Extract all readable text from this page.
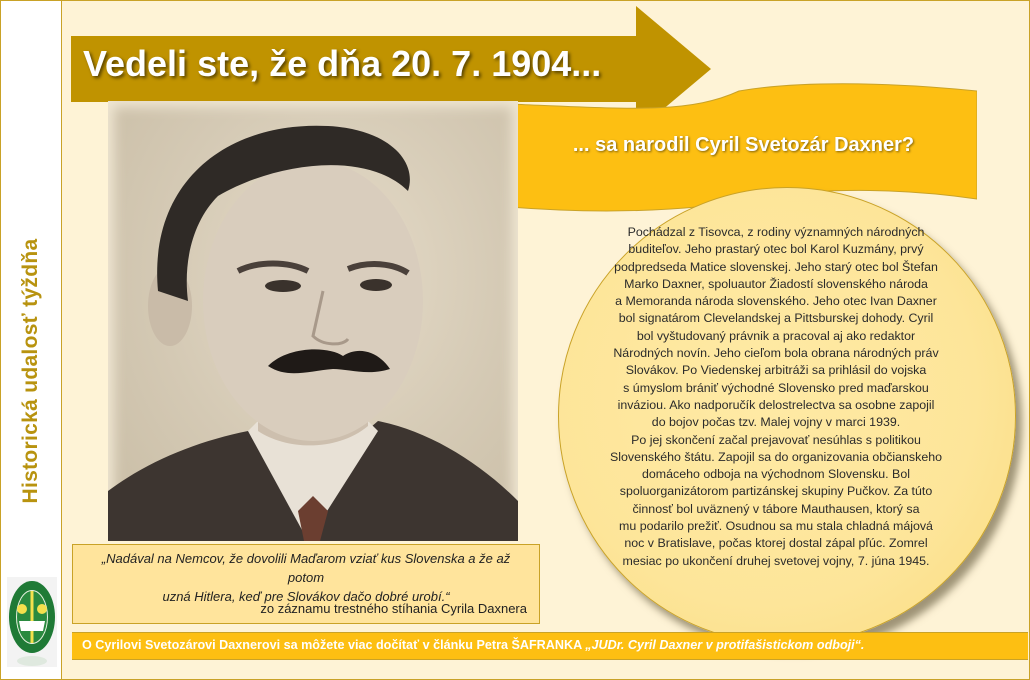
Historická udalosť týždňa
Vedeli ste, že dňa 20. 7. 1904...
... sa narodil Cyril Svetozár Daxner?
Pochádzal z Tisovca, z rodiny významných národných
buditeľov. Jeho prastarý otec bol Karol Kuzmány, prvý
podpredseda Matice slovenskej. Jeho starý otec bol Štefan
Marko Daxner, spoluautor Žiadostí slovenského národa
a Memoranda národa slovenského. Jeho otec Ivan Daxner
bol signatárom Clevelandskej a Pittsburskej dohody. Cyril
bol vyštudovaný právnik a pracoval aj ako redaktor
Národných novín. Jeho cieľom bola obrana národných práv
Slovákov. Po Viedenskej arbitráži sa prihlásil do vojska
s úmyslom brániť východné Slovensko pred maďarskou
inváziou. Ako nadporučík delostrelectva sa osobne zapojil
do bojov počas tzv. Malej vojny v marci 1939.
Po jej skončení začal prejavovať nesúhlas s politikou
Slovenského štátu. Zapojil sa do organizovania občianskeho
domáceho odboja na východnom Slovensku. Bol
spoluorganizátorom partizánskej skupiny Pučkov. Za túto
činnosť bol uväznený v tábore Mauthausen, ktorý sa
mu podarilo prežiť. Osudnou sa mu stala chladná májová
noc v Bratislave, počas ktorej dostal zápal pľúc. Zomrel
mesiac po ukončení druhej svetovej vojny, 7. júna 1945.
„Nadával na Nemcov, že dovolili Maďarom vziať kus Slovenska a že až potom
uzná Hitlera, keď pre Slovákov dačo dobré urobí.“
zo záznamu trestného stíhania Cyrila Daxnera
O Cyrilovi Svetozárovi Daxnerovi sa môžete viac dočítať v článku Petra ŠAFRANKA „JUDr. Cyril Daxner v protifašistickom odboji“.
